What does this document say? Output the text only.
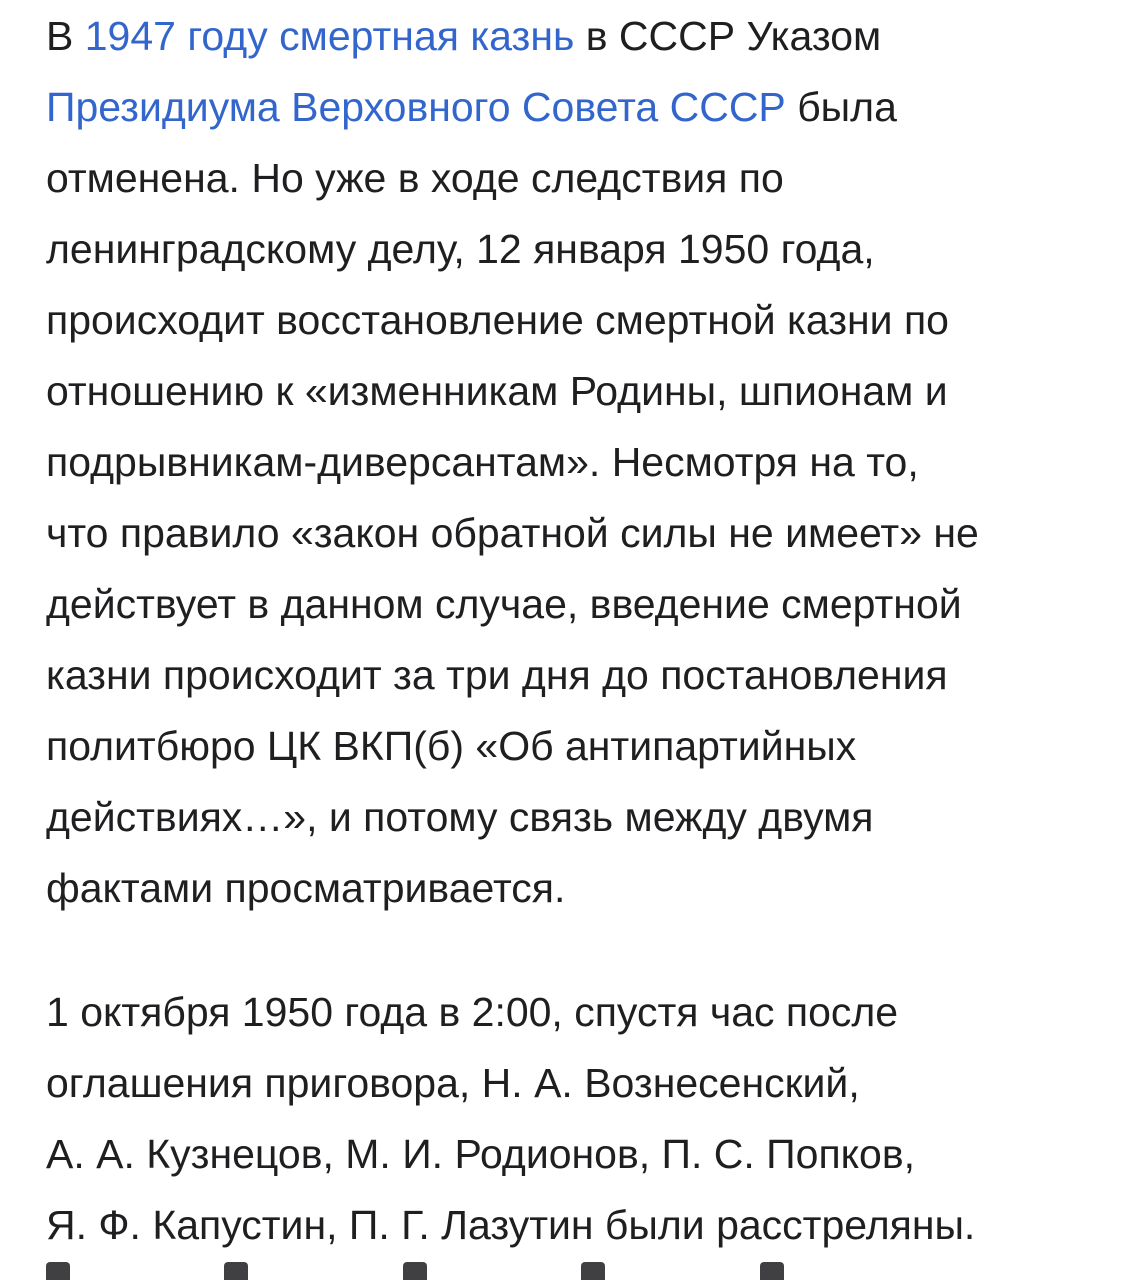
В 1947 году смертная казнь в СССР Указом
Президиума Верховного Совета СССР была
отменена. Но уже в ходе следствия по
ленинградскому делу, 12 января 1950 года,
происходит восстановление смертной казни по
отношению к «изменникам Родины, шпионам и
подрывникам-диверсантам». Несмотря на то,
что правило «закон обратной силы не имеет» не
действует в данном случае, введение смертной
казни происходит за три дня до постановления
политбюро ЦК ВКП(б) «Об антипартийных
действиях…», и потому связь между двумя
фактами просматривается.
1 октября 1950 года в 2:00, спустя час после
оглашения приговора, Н. А. Вознесенский,
А. А. Кузнецов, М. И. Родионов, П. С. Попков,
Я. Ф. Капустин, П. Г. Лазутин были расстреляны.
